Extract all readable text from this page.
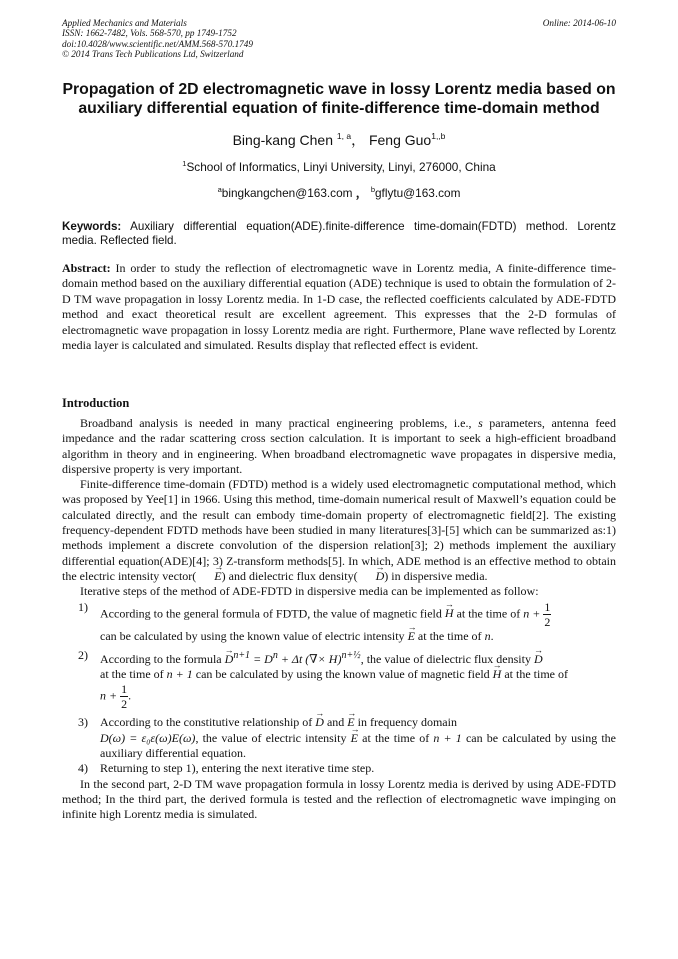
Applied Mechanics and Materials
ISSN: 1662-7482, Vols. 568-570, pp 1749-1752
doi:10.4028/www.scientific.net/AMM.568-570.1749
© 2014 Trans Tech Publications Ltd, Switzerland
Online: 2014-06-10
Propagation of 2D electromagnetic wave in lossy Lorentz media based on auxiliary differential equation of finite-difference time-domain method
Bing-kang Chen $^{1, a}$， Feng Guo$^{1,,b}$
$^1$School of Informatics, Linyi University, Linyi, 276000, China
$^a$bingkangchen@163.com ， $^b$gflytu@163.com
Keywords: Auxiliary differential equation(ADE).finite-difference time-domain(FDTD) method. Lorentz media. Reflected field.
Abstract: In order to study the reflection of electromagnetic wave in Lorentz media, A finite-difference time-domain method based on the auxiliary differential equation (ADE) technique is used to obtain the formulation of 2-D TM wave propagation in lossy Lorentz media. In 1-D case, the reflected coefficients calculated by ADE-FDTD method and exact theoretical result are excellent agreement. This expresses that the 2-D formulas of electromagnetic wave propagation in lossy Lorentz media are right. Furthermore, Plane wave reflected by Lorentz media layer is calculated and simulated. Results display that reflected effect is evident.
Introduction

Broadband analysis is needed in many practical engineering problems, i.e., s parameters, antenna feed impedance and the radar scattering cross section calculation. It is important to seek a high-efficient broadband algorithm in theory and in engineering. When broadband electromagnetic wave propagates in dispersive media, dispersive property is very important.

Finite-difference time-domain (FDTD) method is a widely used electromagnetic computational method, which was proposed by Yee[1] in 1966. Using this method, time-domain numerical result of Maxwell’s equation could be calculated directly, and the result can embody time-domain property of electromagnetic field[2]. The existing frequency-dependent FDTD methods have been studied in many literatures[3]-[5] which can be summarized as:1) methods implement a discrete convolution of the dispersion relation[3]; 2) methods implement the auxiliary differential equation(ADE)[4]; 3) Z-transform methods[5]. In which, ADE method is an effective method to obtain the electric intensity vector( → E) and dielectric flux density( → D) in dispersive media.

Iterative steps of the method of ADE-FDTD in dispersive media can be implemented as follow:

1)	According to the general formula of FDTD, the value of magnetic field → H at the time of $n + \frac{1}{2}$

can be calculated by using the known value of electric intensity → E at the time of n.
2)	According to the formula → $D^{n+1} = D^n + \Delta t$ (∇× H)$^{n+\frac{1}{2}}$, the value of dielectric flux density → D
at the time of n + 1 can be calculated by using the known value of magnetic field → H at the time of
$n + \frac{1}{2}$ .
3)	According to the constitutive relationship of → D and → E in frequency domain
D(ω) = ε₀ε(ω)E(ω), the value of electric intensity → E at the time of n + 1 can be calculated by using the auxiliary differential equation.
4)	Returning to step 1), entering the next iterative time step.

In the second part, 2-D TM wave propagation formula in lossy Lorentz media is derived by using ADE-FDTD method; In the third part, the derived formula is tested and the reflection of electromagnetic wave impinging on infinite high Lorentz media is simulated.
